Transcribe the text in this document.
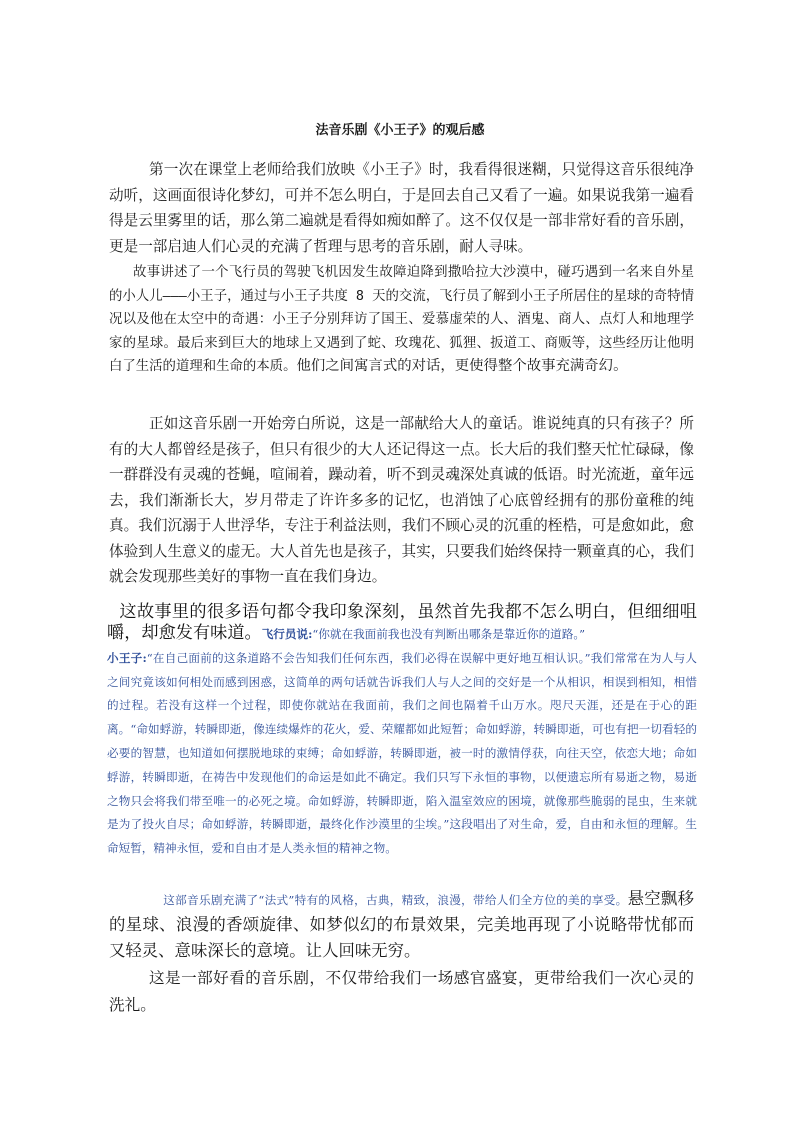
法音乐剧《小王子》的观后感

第一次在课堂上老师给我们放映《小王子》时，我看得很迷糊，只觉得这音乐很纯净动听，这画面很诗化梦幻，可并不怎么明白，于是回去自己又看了一遍。如果说我第一遍看得是云里雾里的话，那么第二遍就是看得如痴如醉了。这不仅仅是一部非常好看的音乐剧，更是一部启迪人们心灵的充满了哲理与思考的音乐剧，耐人寻味。

故事讲述了一个飞行员的驾驶飞机因发生故障迫降到撒哈拉大沙漠中，碰巧遇到一名来自外星的小人儿———小王子，通过与小王子共度 8 天的交流，飞行员了解到小王子所居住的星球的奇特情况以及他在太空中的奇遇：小王子分别拜访了国王、爱慕虚荣的人、酒鬼、商人、点灯人和地理学家的星球。最后来到巨大的地球上又遇到了蛇、玫瑰花、狐狸、扳道工、商贩等，这些经历让他明白了生活的道理和生命的本质。他们之间寓言式的对话，更使得整个故事充满奇幻。

正如这音乐剧一开始旁白所说，这是一部献给大人的童话。谁说纯真的只有孩子？所有的大人都曾经是孩子，但只有很少的大人还记得这一点。长大后的我们整天忙忙碌碌，像一群群没有灵魂的苍蝇，喧闹着，躁动着，听不到灵魂深处真诚的低语。时光流逝，童年远去，我们渐渐长大，岁月带走了许许多多的记忆，也消蚀了心底曾经拥有的那份童稚的纯真。我们沉溺于人世浮华，专注于利益法则，我们不顾心灵的沉重的桎梏，可是愈如此，愈体验到人生意义的虚无。大人首先也是孩子，其实，只要我们始终保持一颗童真的心，我们就会发现那些美好的事物一直在我们身边。

这故事里的很多语句都令我印象深刻，虽然首先我都不怎么明白，但细细咀嚼，却愈发有味道。飞行员说:“你就在我面前我也没有判断出哪条是靠近你的道路。”
小王子:“在自己面前的这条道路不会告知我们任何东西，我们必得在误解中更好地互相认识。”我们常常在为人与人之间究竟该如何相处而感到困惑，这简单的两句话就告诉我们人与人之间的交好是一个从相识，相误到相知，相惜的过程。若没有这样一个过程，即使你就站在我面前，我们之间也隔着千山万水。咫尺天涯，还是在于心的距离。“命如蜉游，转瞬即逝，像连续爆炸的花火，爱、荣耀都如此短暂；命如蜉游，转瞬即逝，可也有把一切看轻的必要的智慧，也知道如何摆脱地球的束缚；命如蜉游，转瞬即逝，被一时的激情俘获，向往天空，依恋大地；命如蜉游，转瞬即逝，在祷告中发现他们的命运是如此不确定。我们只写下永恒的事物，以便遗忘所有易逝之物，易逝之物只会将我们带至唯一的必死之境。命如蜉游，转瞬即逝，陷入温室效应的困境，就像那些脆弱的昆虫，生来就是为了投火自尽；命如蜉游，转瞬即逝，最终化作沙漠里的尘埃。”这段唱出了对生命，爱，自由和永恒的理解。生命短暂，精神永恒，爱和自由才是人类永恒的精神之物。

这部音乐剧充满了“法式”特有的风格，古典，精致，浪漫，带给人们全方位的美的享受。悬空飘移的星球、浪漫的香颂旋律、如梦似幻的布景效果，完美地再现了小说略带忧郁而又轻灵、意味深长的意境。让人回味无穷。

这是一部好看的音乐剧，不仅带给我们一场感官盛宴，更带给我们一次心灵的洗礼。
